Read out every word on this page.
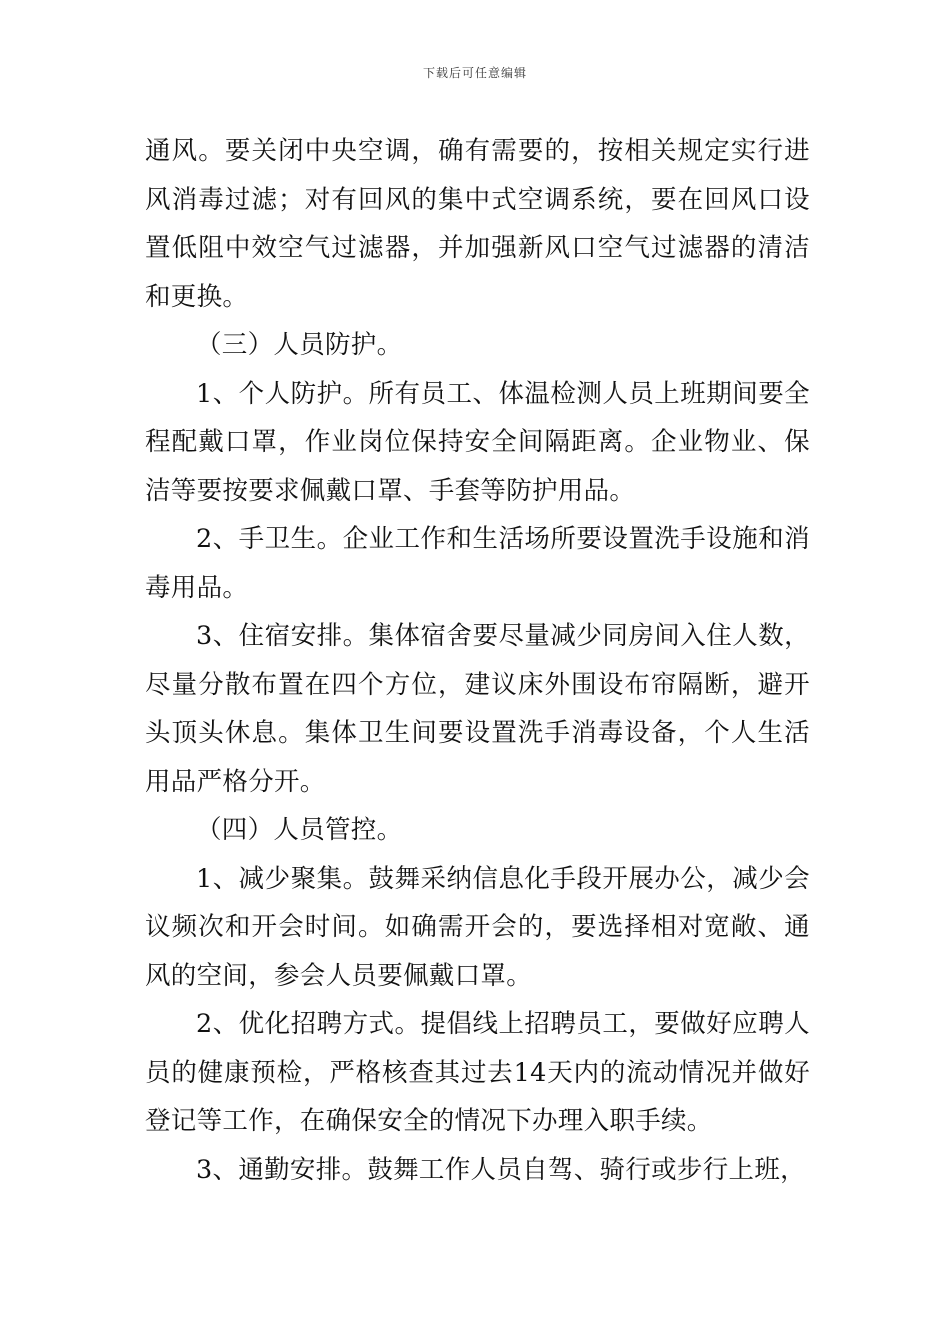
下载后可任意编辑

通风。要关闭中央空调，确有需要的，按相关规定实行进风消毒过滤；对有回风的集中式空调系统，要在回风口设置低阻中效空气过滤器，并加强新风口空气过滤器的清洁和更换。

（三）人员防护。

1、个人防护。所有员工、体温检测人员上班期间要全程配戴口罩，作业岗位保持安全间隔距离。企业物业、保洁等要按要求佩戴口罩、手套等防护用品。

2、手卫生。企业工作和生活场所要设置洗手设施和消毒用品。

3、住宿安排。集体宿舍要尽量减少同房间入住人数，尽量分散布置在四个方位，建议床外围设布帘隔断，避开头顶头休息。集体卫生间要设置洗手消毒设备，个人生活用品严格分开。

（四）人员管控。

1、减少聚集。鼓舞采纳信息化手段开展办公，减少会议频次和开会时间。如确需开会的，要选择相对宽敞、通风的空间，参会人员要佩戴口罩。

2、优化招聘方式。提倡线上招聘员工，要做好应聘人员的健康预检，严格核查其过去14天内的流动情况并做好登记等工作，在确保安全的情况下办理入职手续。

3、通勤安排。鼓舞工作人员自驾、骑行或步行上班，
